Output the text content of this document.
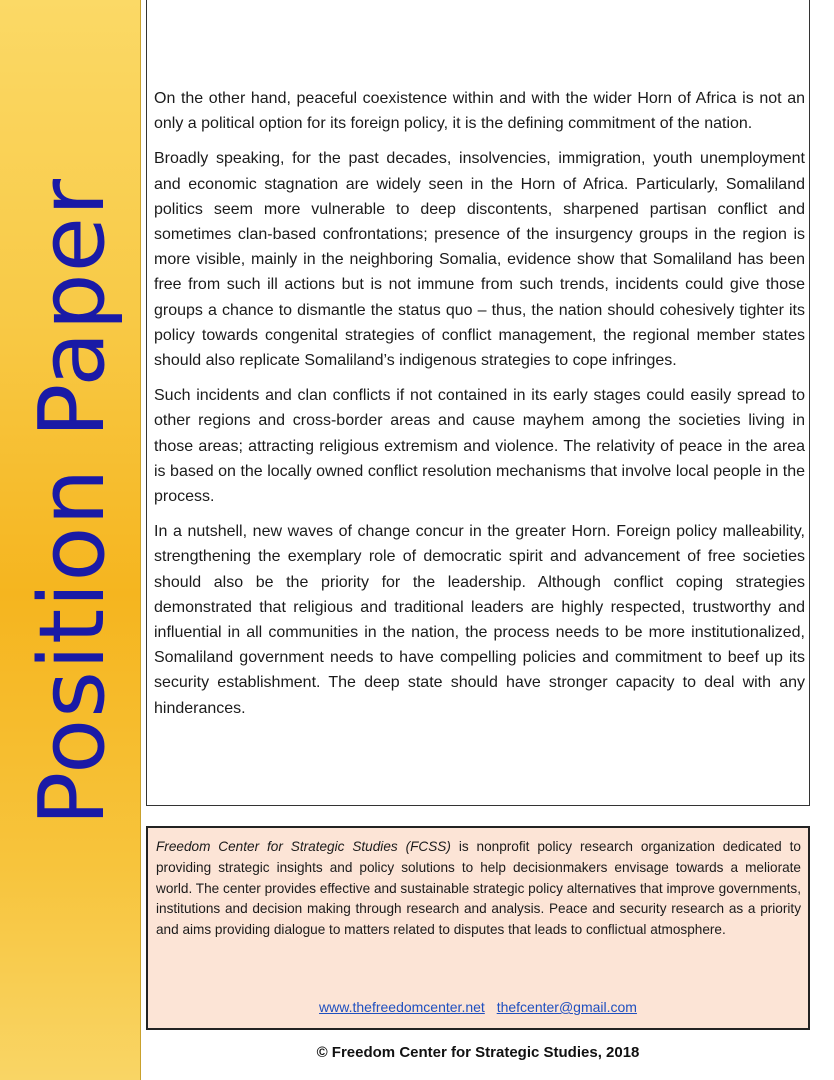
Position Paper

On the other hand, peaceful coexistence within and with the wider Horn of Africa is not an only a political option for its foreign policy, it is the defining commitment of the nation.

Broadly speaking, for the past decades, insolvencies, immigration, youth unemployment and economic stagnation are widely seen in the Horn of Africa. Particularly, Somaliland politics seem more vulnerable to deep discontents, sharpened partisan conflict and sometimes clan-based confrontations; presence of the insurgency groups in the region is more visible, mainly in the neighboring Somalia, evidence show that Somaliland has been free from such ill actions but is not immune from such trends, incidents could give those groups a chance to dismantle the status quo – thus, the nation should cohesively tighter its policy towards congenital strategies of conflict management, the regional member states should also replicate Somaliland’s indigenous strategies to cope infringes.

Such incidents and clan conflicts if not contained in its early stages could easily spread to other regions and cross-border areas and cause mayhem among the societies living in those areas; attracting religious extremism and violence. The relativity of peace in the area is based on the locally owned conflict resolution mechanisms that involve local people in the process.

In a nutshell, new waves of change concur in the greater Horn. Foreign policy malleability, strengthening the exemplary role of democratic spirit and advancement of free societies should also be the priority for the leadership. Although conflict coping strategies demonstrated that religious and traditional leaders are highly respected, trustworthy and influential in all communities in the nation, the process needs to be more institutionalized, Somaliland government needs to have compelling policies and commitment to beef up its security establishment. The deep state should have stronger capacity to deal with any hinderances.

Freedom Center for Strategic Studies (FCSS) is nonprofit policy research organization dedicated to providing strategic insights and policy solutions to help decisionmakers envisage towards a meliorate world. The center provides effective and sustainable strategic policy alternatives that improve governments, institutions and decision making through research and analysis. Peace and security research as a priority and aims providing dialogue to matters related to disputes that leads to conflictual atmosphere.

www.thefreedomcenter.net thefcenter@gmail.com
© Freedom Center for Strategic Studies, 2018
